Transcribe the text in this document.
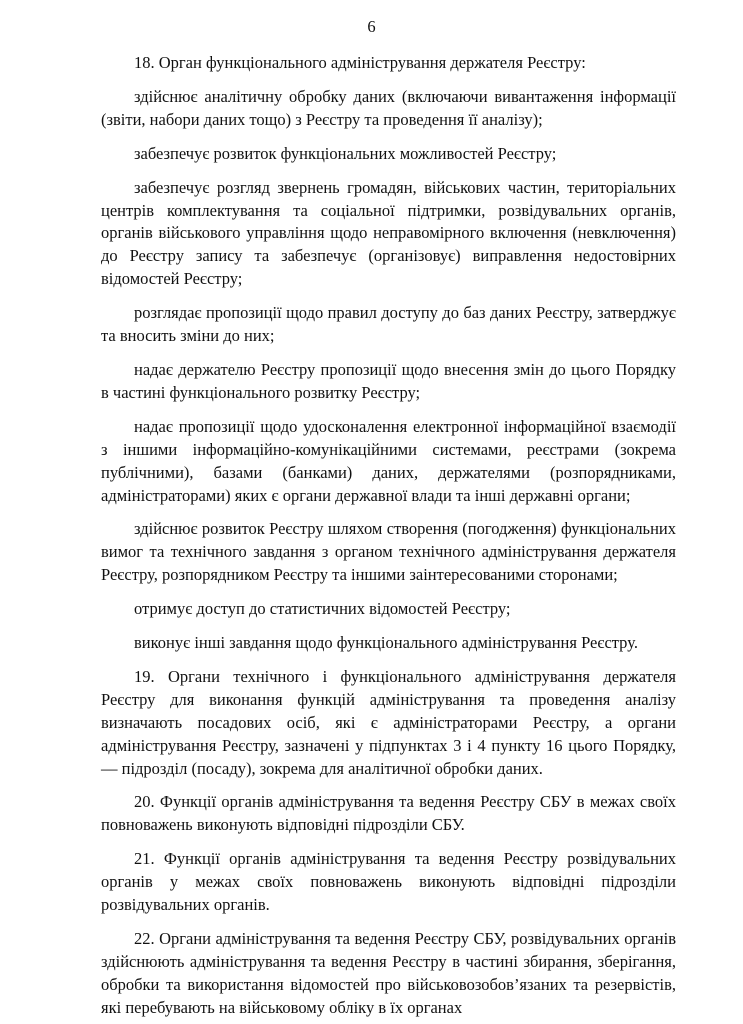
6

18. Орган функціонального адміністрування держателя Реєстру:

здійснює аналітичну обробку даних (включаючи вивантаження інформації (звіти, набори даних тощо) з Реєстру та проведення її аналізу);

забезпечує розвиток функціональних можливостей Реєстру;

забезпечує розгляд звернень громадян, військових частин, територіальних центрів комплектування та соціальної підтримки, розвідувальних органів, органів військового управління щодо неправомірного включення (невключення) до Реєстру запису та забезпечує (організовує) виправлення недостовірних відомостей Реєстру;

розглядає пропозиції щодо правил доступу до баз даних Реєстру, затверджує та вносить зміни до них;

надає держателю Реєстру пропозиції щодо внесення змін до цього Порядку в частині функціонального розвитку Реєстру;

надає пропозиції щодо удосконалення електронної інформаційної взаємодії з іншими інформаційно-комунікаційними системами, реєстрами (зокрема публічними), базами (банками) даних, держателями (розпорядниками, адміністраторами) яких є органи державної влади та інші державні органи;

здійснює розвиток Реєстру шляхом створення (погодження) функціональних вимог та технічного завдання з органом технічного адміністрування держателя Реєстру, розпорядником Реєстру та іншими заінтересованими сторонами;

отримує доступ до статистичних відомостей Реєстру;

виконує інші завдання щодо функціонального адміністрування Реєстру.

19. Органи технічного і функціонального адміністрування держателя Реєстру для виконання функцій адміністрування та проведення аналізу визначають посадових осіб, які є адміністраторами Реєстру, а органи адміністрування Реєстру, зазначені у підпунктах 3 і 4 пункту 16 цього Порядку, — підрозділ (посаду), зокрема для аналітичної обробки даних.

20. Функції органів адміністрування та ведення Реєстру СБУ в межах своїх повноважень виконують відповідні підрозділи СБУ.

21. Функції органів адміністрування та ведення Реєстру розвідувальних органів у межах своїх повноважень виконують відповідні підрозділи розвідувальних органів.

22. Органи адміністрування та ведення Реєстру СБУ, розвідувальних органів здійснюють адміністрування та ведення Реєстру в частині збирання, зберігання, обробки та використання відомостей про військовозобов’язаних та резервістів, які перебувають на військовому обліку в їх органах
